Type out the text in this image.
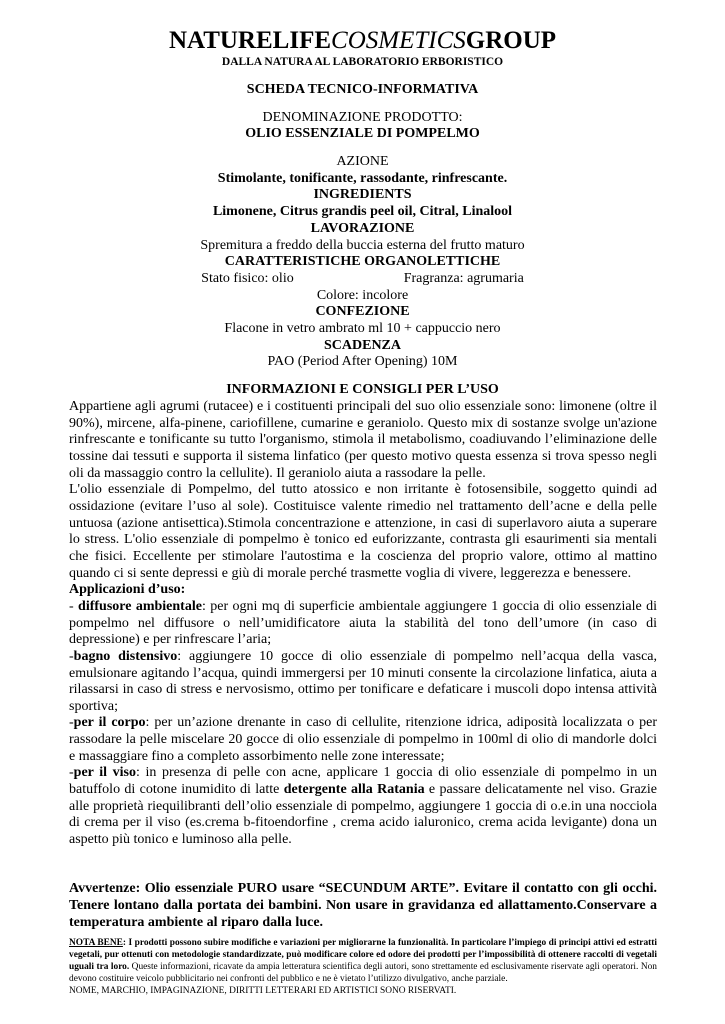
NATURELIFECOSMETICSGROUP
DALLA NATURA AL LABORATORIO ERBORISTICO
SCHEDA TECNICO-INFORMATIVA
DENOMINAZIONE PRODOTTO:
OLIO ESSENZIALE DI POMPELMO
AZIONE
Stimolante, tonificante, rassodante, rinfrescante.
INGREDIENTS
Limonene, Citrus grandis peel oil, Citral, Linalool
LAVORAZIONE
Spremitura a freddo della buccia esterna del frutto maturo
CARATTERISTICHE ORGANOLETTICHE
Stato fisico: olio	Fragranza: agrumaria
Colore: incolore
CONFEZIONE
Flacone in vetro ambrato ml 10 + cappuccio nero
SCADENZA
PAO (Period After Opening) 10M
INFORMAZIONI E CONSIGLI PER L’USO

Appartiene agli agrumi (rutacee) e i costituenti principali del suo olio essenziale sono: limonene (oltre il 90%), mircene, alfa-pinene, cariofillene, cumarine e geraniolo. Questo mix di sostanze svolge un'azione rinfrescante e tonificante su tutto l'organismo, stimola il metabolismo, coadiuvando l’eliminazione delle tossine dai tessuti e supporta il sistema linfatico (per questo motivo questa essenza si trova spesso negli oli da massaggio contro la cellulite). Il geraniolo aiuta a rassodare la pelle.

L'olio essenziale di Pompelmo, del tutto atossico e non irritante è fotosensibile, soggetto quindi ad ossidazione (evitare l’uso al sole). Costituisce valente rimedio nel trattamento dell’acne e della pelle untuosa (azione antisettica).Stimola concentrazione e attenzione, in casi di superlavoro aiuta a superare lo stress. L'olio essenziale di pompelmo è tonico ed euforizzante, contrasta gli esaurimenti sia mentali che fisici. Eccellente per stimolare l'autostima e la coscienza del proprio valore, ottimo al mattino quando ci si sente depressi e giù di morale perché trasmette voglia di vivere, leggerezza e benessere.

Applicazioni d’uso:

- diffusore ambientale: per ogni mq di superficie ambientale aggiungere 1 goccia di olio essenziale di pompelmo nel diffusore o nell’umidificatore aiuta la stabilità del tono dell’umore (in caso di depressione) e per rinfrescare l’aria;

-bagno distensivo: aggiungere 10 gocce di olio essenziale di pompelmo nell’acqua della vasca, emulsionare agitando l’acqua, quindi immergersi per 10 minuti consente la circolazione linfatica, aiuta a rilassarsi in caso di stress e nervosismo, ottimo per tonificare e defaticare i muscoli dopo intensa attività sportiva;

-per il corpo: per un’azione drenante in caso di cellulite, ritenzione idrica, adiposità localizzata o per rassodare la pelle miscelare 20 gocce di olio essenziale di pompelmo in 100ml di olio di mandorle dolci e massaggiare fino a completo assorbimento nelle zone interessate;

-per il viso: in presenza di pelle con acne, applicare 1 goccia di olio essenziale di pompelmo in un batuffolo di cotone inumidito di latte detergente alla Ratania e passare delicatamente nel viso. Grazie alle proprietà riequilibranti dell’olio essenziale di pompelmo, aggiungere 1 goccia di o.e.in una nocciola di crema per il viso (es.crema b-fitoendorfine , crema acido ialuronico, crema acida levigante) dona un aspetto più tonico e luminoso alla pelle.

Avvertenze: Olio essenziale PURO usare “SECUNDUM ARTE”. Evitare il contatto con gli occhi. Tenere lontano dalla portata dei bambini. Non usare in gravidanza ed allattamento.Conservare a temperatura ambiente al riparo dalla luce.
NOTA BENE: I prodotti possono subire modifiche e variazioni per migliorarne la funzionalità. In particolare l’impiego di principi attivi ed estratti vegetali, pur ottenuti con metodologie standardizzate, può modificare colore ed odore dei prodotti per l’impossibilità di ottenere raccolti di vegetali uguali tra loro. Queste informazioni, ricavate da ampia letteratura scientifica degli autori, sono strettamente ed esclusivamente riservate agli operatori. Non devono costituire veicolo pubblicitario nei confronti del pubblico e ne è vietato l’utilizzo divulgativo, anche parziale.
NOME, MARCHIO, IMPAGINAZIONE, DIRITTI LETTERARI ED ARTISTICI SONO RISERVATI.
